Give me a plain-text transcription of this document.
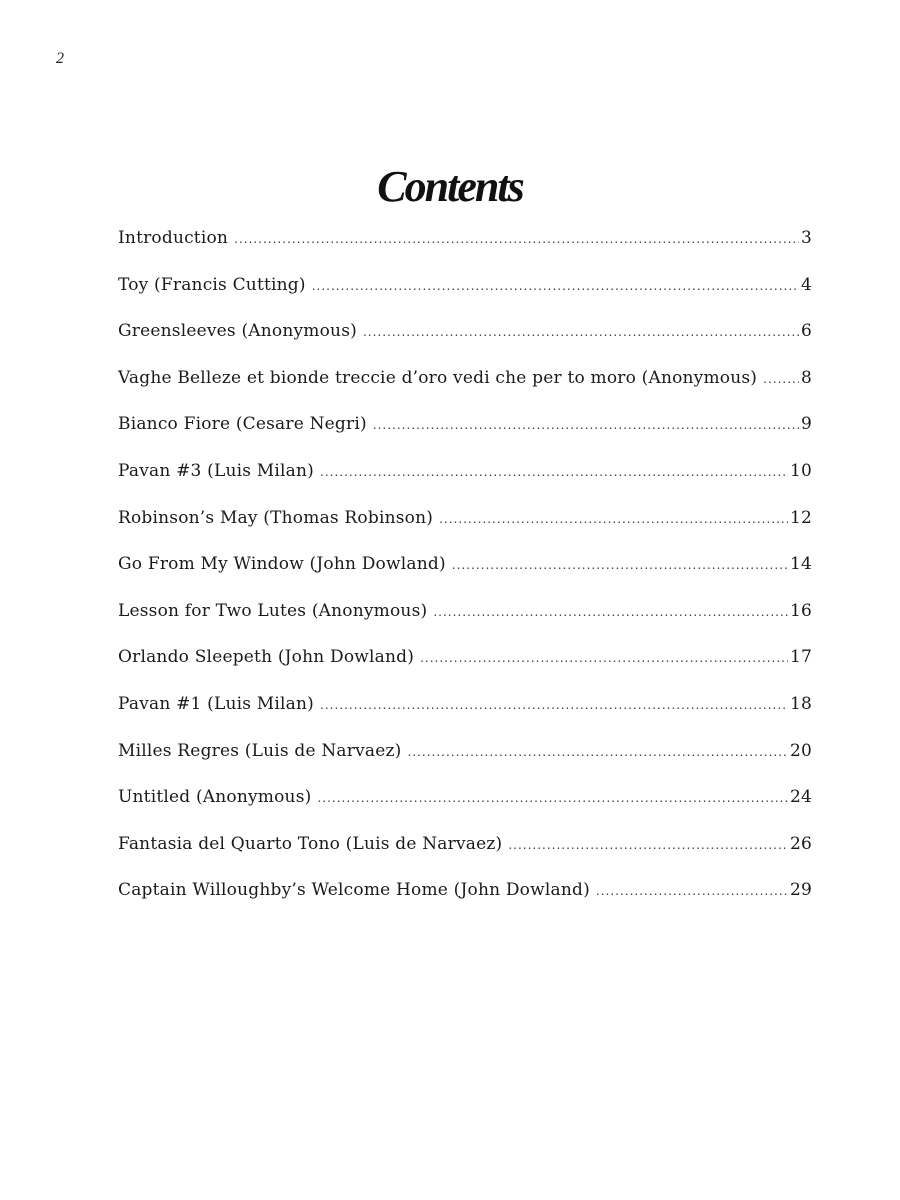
2
Contents
Introduction .....	3
Toy (Francis Cutting) .....	4
Greensleeves (Anonymous) .....	6
Vaghe Belleze et bionde treccie d’oro vedi che per to moro (Anonymous) .....	8
Bianco Fiore (Cesare Negri) .....	9
Pavan #3 (Luis Milan) .....	10
Robinson’s May (Thomas Robinson) .....	12
Go From My Window (John Dowland) .....	14
Lesson for Two Lutes (Anonymous) .....	16
Orlando Sleepeth (John Dowland) .....	17
Pavan #1 (Luis Milan) .....	18
Milles Regres (Luis de Narvaez) .....	20
Untitled (Anonymous) .....	24
Fantasia del Quarto Tono (Luis de Narvaez) .....	26
Captain Willoughby’s Welcome Home (John Dowland) .....	29
